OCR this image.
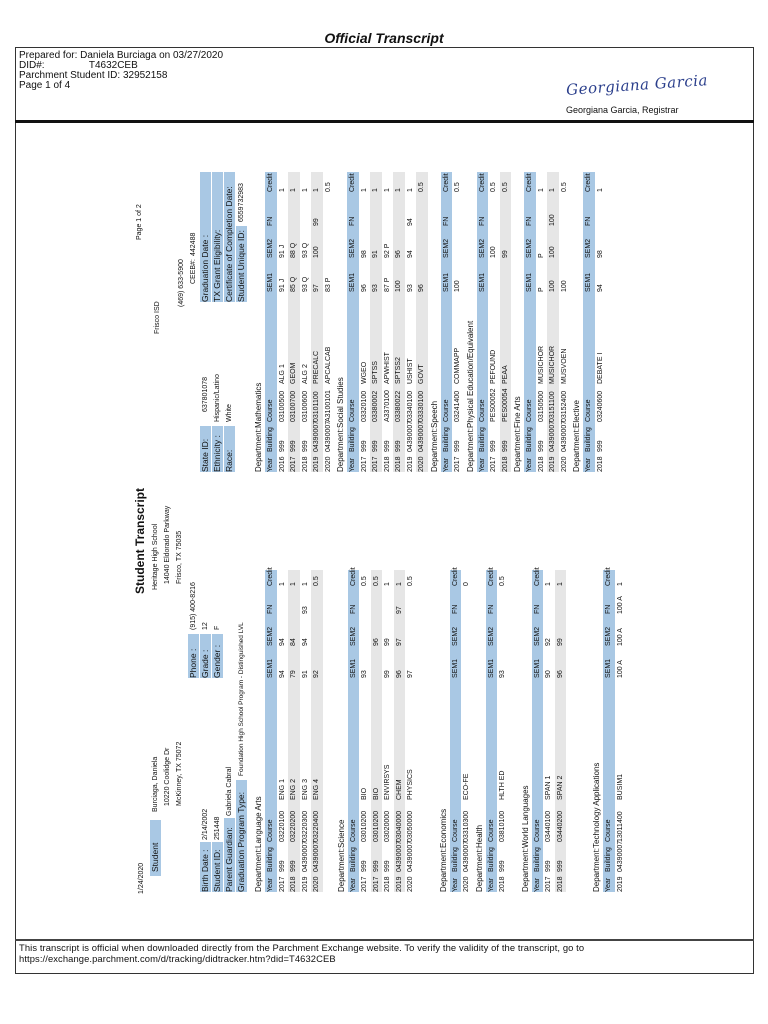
Official Transcript
Prepared for: Daniela Burciaga on 03/27/2020
DID#:                T4632CEB
Parchment Student ID: 32952158
Page 1 of 4	Georgiana Garcia
Georgiana Garcia, Registrar
1/24/2020
Student
Burciaga, Daniela 10220 Coolidge Dr McKinney, TX 75072
Student Transcript Heritage High School 14040 Eldorado Parkway Frisco, TX 75035
Frisco ISD
(469) 633-5900 CEEB#:
442488
Page 1 of 2
Birth Date :
2/14/2002
Student ID:
251448 Parent Guardian:
Gabriela Cabral
Graduation Program Type:
Foundation High School Program - Distinguished LVL
Phone :
(915) 400-8216
Grade :
12
Gender :
F
State ID:
637801078
Ethnicity :
Hispanic/Latino
Race:
White
Graduation Date : TX Grant Eligibility: Certificate of Completion Date: Student Unique ID:
6559732983
Department:
Language Arts
Year
Building
Course
SEM1
SEM2
FN
Credit
2017
999
03220100
ENG 1
94
94
1
2018
999
03220200
ENG 2
79
84
1
2019
04390007
03220300
ENG 3
91
94
93
1
2020
04390007
03220400
ENG 4
92
0.5
Department:
Science
Year
Building
Course
SEM1
SEM2
FN
Credit
2017
999
03010200
BIO
93
0.5
2017
999
03010200
BIO
96
0.5
2018
999
03020000
ENVIRSYS
99
99
1
2019
04390007
03040000
CHEM
96
97
97
1
2020
04390007
03050000
PHYSICS
97
0.5
Department:
Economics
Year
Building
Course
SEM1
SEM2
FN
Credit
2020
04390007
03310300
ECO-FE
0
Department:
Health
Year
Building
Course
SEM1
SEM2
FN
Credit
2018
999
03810100
HLTH ED
93
0.5
Department:
World Languages
Year
Building
Course
SEM1
SEM2
FN
Credit
2017
999
03440100
SPAN 1
90
92
1
2018
999
03440200
SPAN 2
96
99
1
Department:
Technology Applications
Year
Building
Course
SEM1
SEM2
FN
Credit
2019
04390007
13011400
BUSIM1
100 A
100 A
100 A
1
Department:
Mathematics
Year
Building
Course
SEM1
SEM2
FN
Credit
2016
999
03100500
ALG 1
91 J
91 J
1
2017
999
03100700
GEOM
85 Q
88 Q
1
2018
999
03100600
ALG 2
93 Q
93 Q
1
2019
04390007
03101100
PRECALC
97
100
99
1
2020
04390007
A3100101
APCALCAB
83 P
0.5
Department:
Social Studies
Year
Building
Course
SEM1
SEM2
FN
Credit
2017
999
03320100
WGEO
96
98
1
2017
999
03380002
SPTSS
93
91
1
2018
999
A3370100
APWHIST
87 P
92 P
1
2018
999
03380022
SPTSS2
100
96
1
2019
04390007
03340100
USHIST
93
94
94
1
2020
04390007
03330100
GOVT
96
0.5
Department:
Speech
Year
Building
Course
SEM1
SEM2
FN
Credit
2017
999
03241400
COMMAPP
100
0.5
Department:
Physical Education/Equivalent
Year
Building
Course
SEM1
SEM2
FN
Credit
2017
999
PES00052
PEFOUND
100
0.5
2018
999
PES00054
PEAA
99
0.5
Department:
Fine Arts
Year
Building
Course
SEM1
SEM2
FN
Credit
2018
999
03150500
MUSICHOR
P
P
1
2019
04390007
03151100
MUSICHOR
100
100
100
1
2020
04390007
03152400
MUSVOEN
100
0.5
Department:
Elective
Year
Building
Course
SEM1
SEM2
FN
Credit
2018
999
03240600
DEBATE I
94
98
1
This transcript is official when downloaded directly from the Parchment Exchange website. To verify the validity of the transcript, go to
https://exchange.parchment.com/d/tracking/didtracker.htm?did=T4632CEB
